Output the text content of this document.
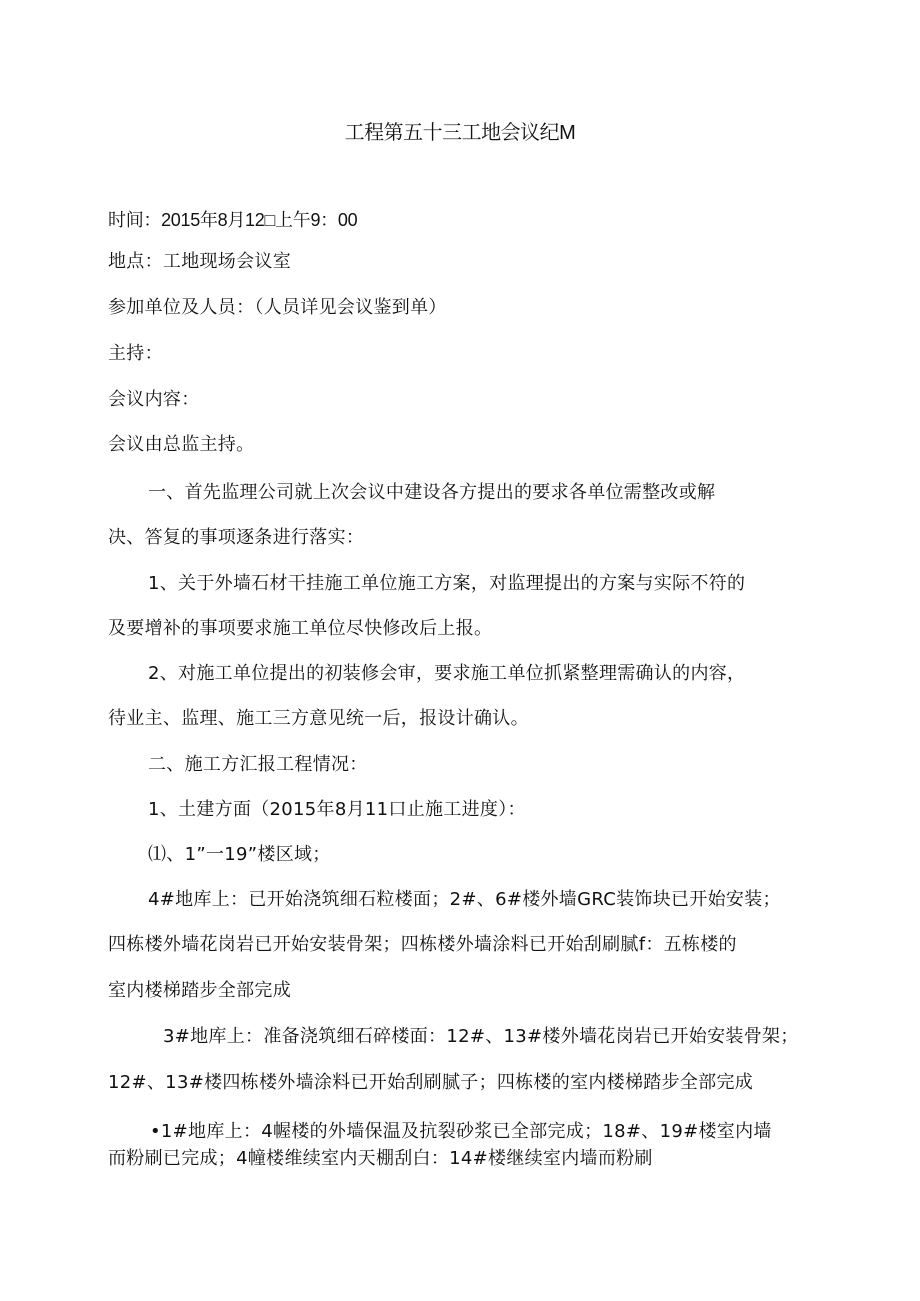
工程第五十三工地会议纪M
时间：2015年8月12□上午9：00
地点：工地现场会议室
参加单位及人员：（人员详见会议鉴到单）
主持：
会议内容：
会议由总监主持。
一、首先监理公司就上次会议中建设各方提出的要求各单位需整改或解
决、答复的事项逐条进行落实：
1、关于外墙石材干挂施工单位施工方案，对监理提出的方案与实际不符的
及要增补的事项要求施工单位尽快修改后上报。
2、对施工单位提出的初装修会审，要求施工单位抓紧整理需确认的内容，
待业主、监理、施工三方意见统一后，报设计确认。
二、施工方汇报工程情况：
1、土建方面（2015年8月11口止施工进度）：
⑴、1”一19”楼区域；
4#地库上：已开始浇筑细石粒楼面；2#、6#楼外墙GRC装饰块已开始安装；
四栋楼外墙花岗岩已开始安装骨架；四栋楼外墙涂料已开始刮刷腻f：五栋楼的
室内楼梯踏步全部完成
3#地库上：准备浇筑细石碎楼面：12#、13#楼外墙花岗岩已开始安装骨架；
12#、13#楼四栋楼外墙涂料已开始刮刷腻子；四栋楼的室内楼梯踏步全部完成
•1#地库上：4幄楼的外墙保温及抗裂砂浆已全部完成；18#、19#楼室内墙
而粉刷已完成；4幢楼维续室内天棚刮白：14#楼继续室内墙而粉刷
